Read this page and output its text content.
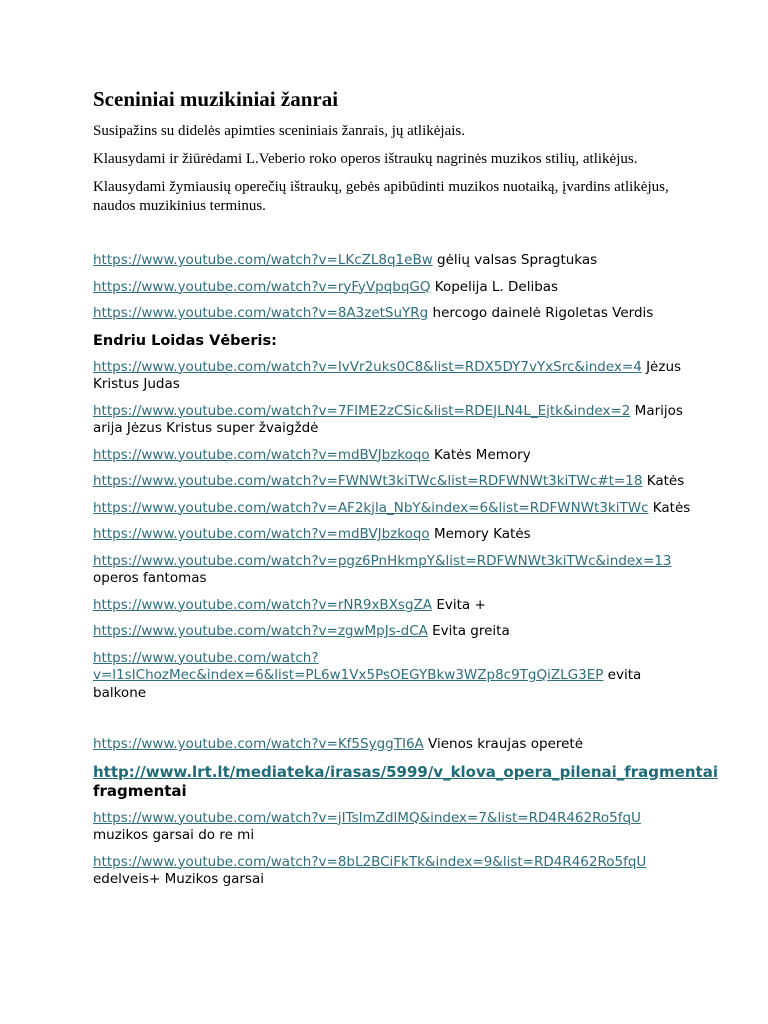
Sceniniai muzikiniai žanrai

Susipažins su didelės apimties sceniniais žanrais, jų atlikėjais.

Klausydami ir žiūrėdami L.Veberio roko operos ištraukų nagrinės muzikos stilių, atlikėjus.

Klausydami žymiausių operečių ištraukų, gebės apibūdinti muzikos nuotaiką, įvardins atlikėjus, naudos muzikinius terminus.

https://www.youtube.com/watch?v=LKcZL8q1eBw gėlių valsas Spragtukas

https://www.youtube.com/watch?v=ryFyVpqbqGQ Kopelija L. Delibas

https://www.youtube.com/watch?v=8A3zetSuYRg hercogo dainelė Rigoletas Verdis

Endriu Loidas Vėberis:

https://www.youtube.com/watch?v=IvVr2uks0C8&list=RDX5DY7vYxSrc&index=4 Jėzus Kristus Judas

https://www.youtube.com/watch?v=7FIME2zCSic&list=RDEJLN4L_Ejtk&index=2 Marijos arija Jėzus Kristus super žvaigždė

https://www.youtube.com/watch?v=mdBVJbzkoqo Katės Memory

https://www.youtube.com/watch?v=FWNWt3kiTWc&list=RDFWNWt3kiTWc#t=18 Katės

https://www.youtube.com/watch?v=AF2kjla_NbY&index=6&list=RDFWNWt3kiTWc Katės

https://www.youtube.com/watch?v=mdBVJbzkoqo Memory Katės

https://www.youtube.com/watch?v=pgz6PnHkmpY&list=RDFWNWt3kiTWc&index=13 operos fantomas

https://www.youtube.com/watch?v=rNR9xBXsgZA Evita +

https://www.youtube.com/watch?v=zgwMpJs-dCA Evita greita

https://www.youtube.com/watch?v=l1sIChozMec&index=6&list=PL6w1Vx5PsOEGYBkw3WZp8c9TgQiZLG3EP evita balkone

https://www.youtube.com/watch?v=Kf5SyggTI6A Vienos kraujas operetė

http://www.lrt.lt/mediateka/irasas/5999/v_klova_opera_pilenai_fragmentai fragmentai

https://www.youtube.com/watch?v=jITsImZdlMQ&index=7&list=RD4R462Ro5fqU muzikos garsai do re mi

https://www.youtube.com/watch?v=8bL2BCiFkTk&index=9&list=RD4R462Ro5fqU edelveis+ Muzikos garsai
